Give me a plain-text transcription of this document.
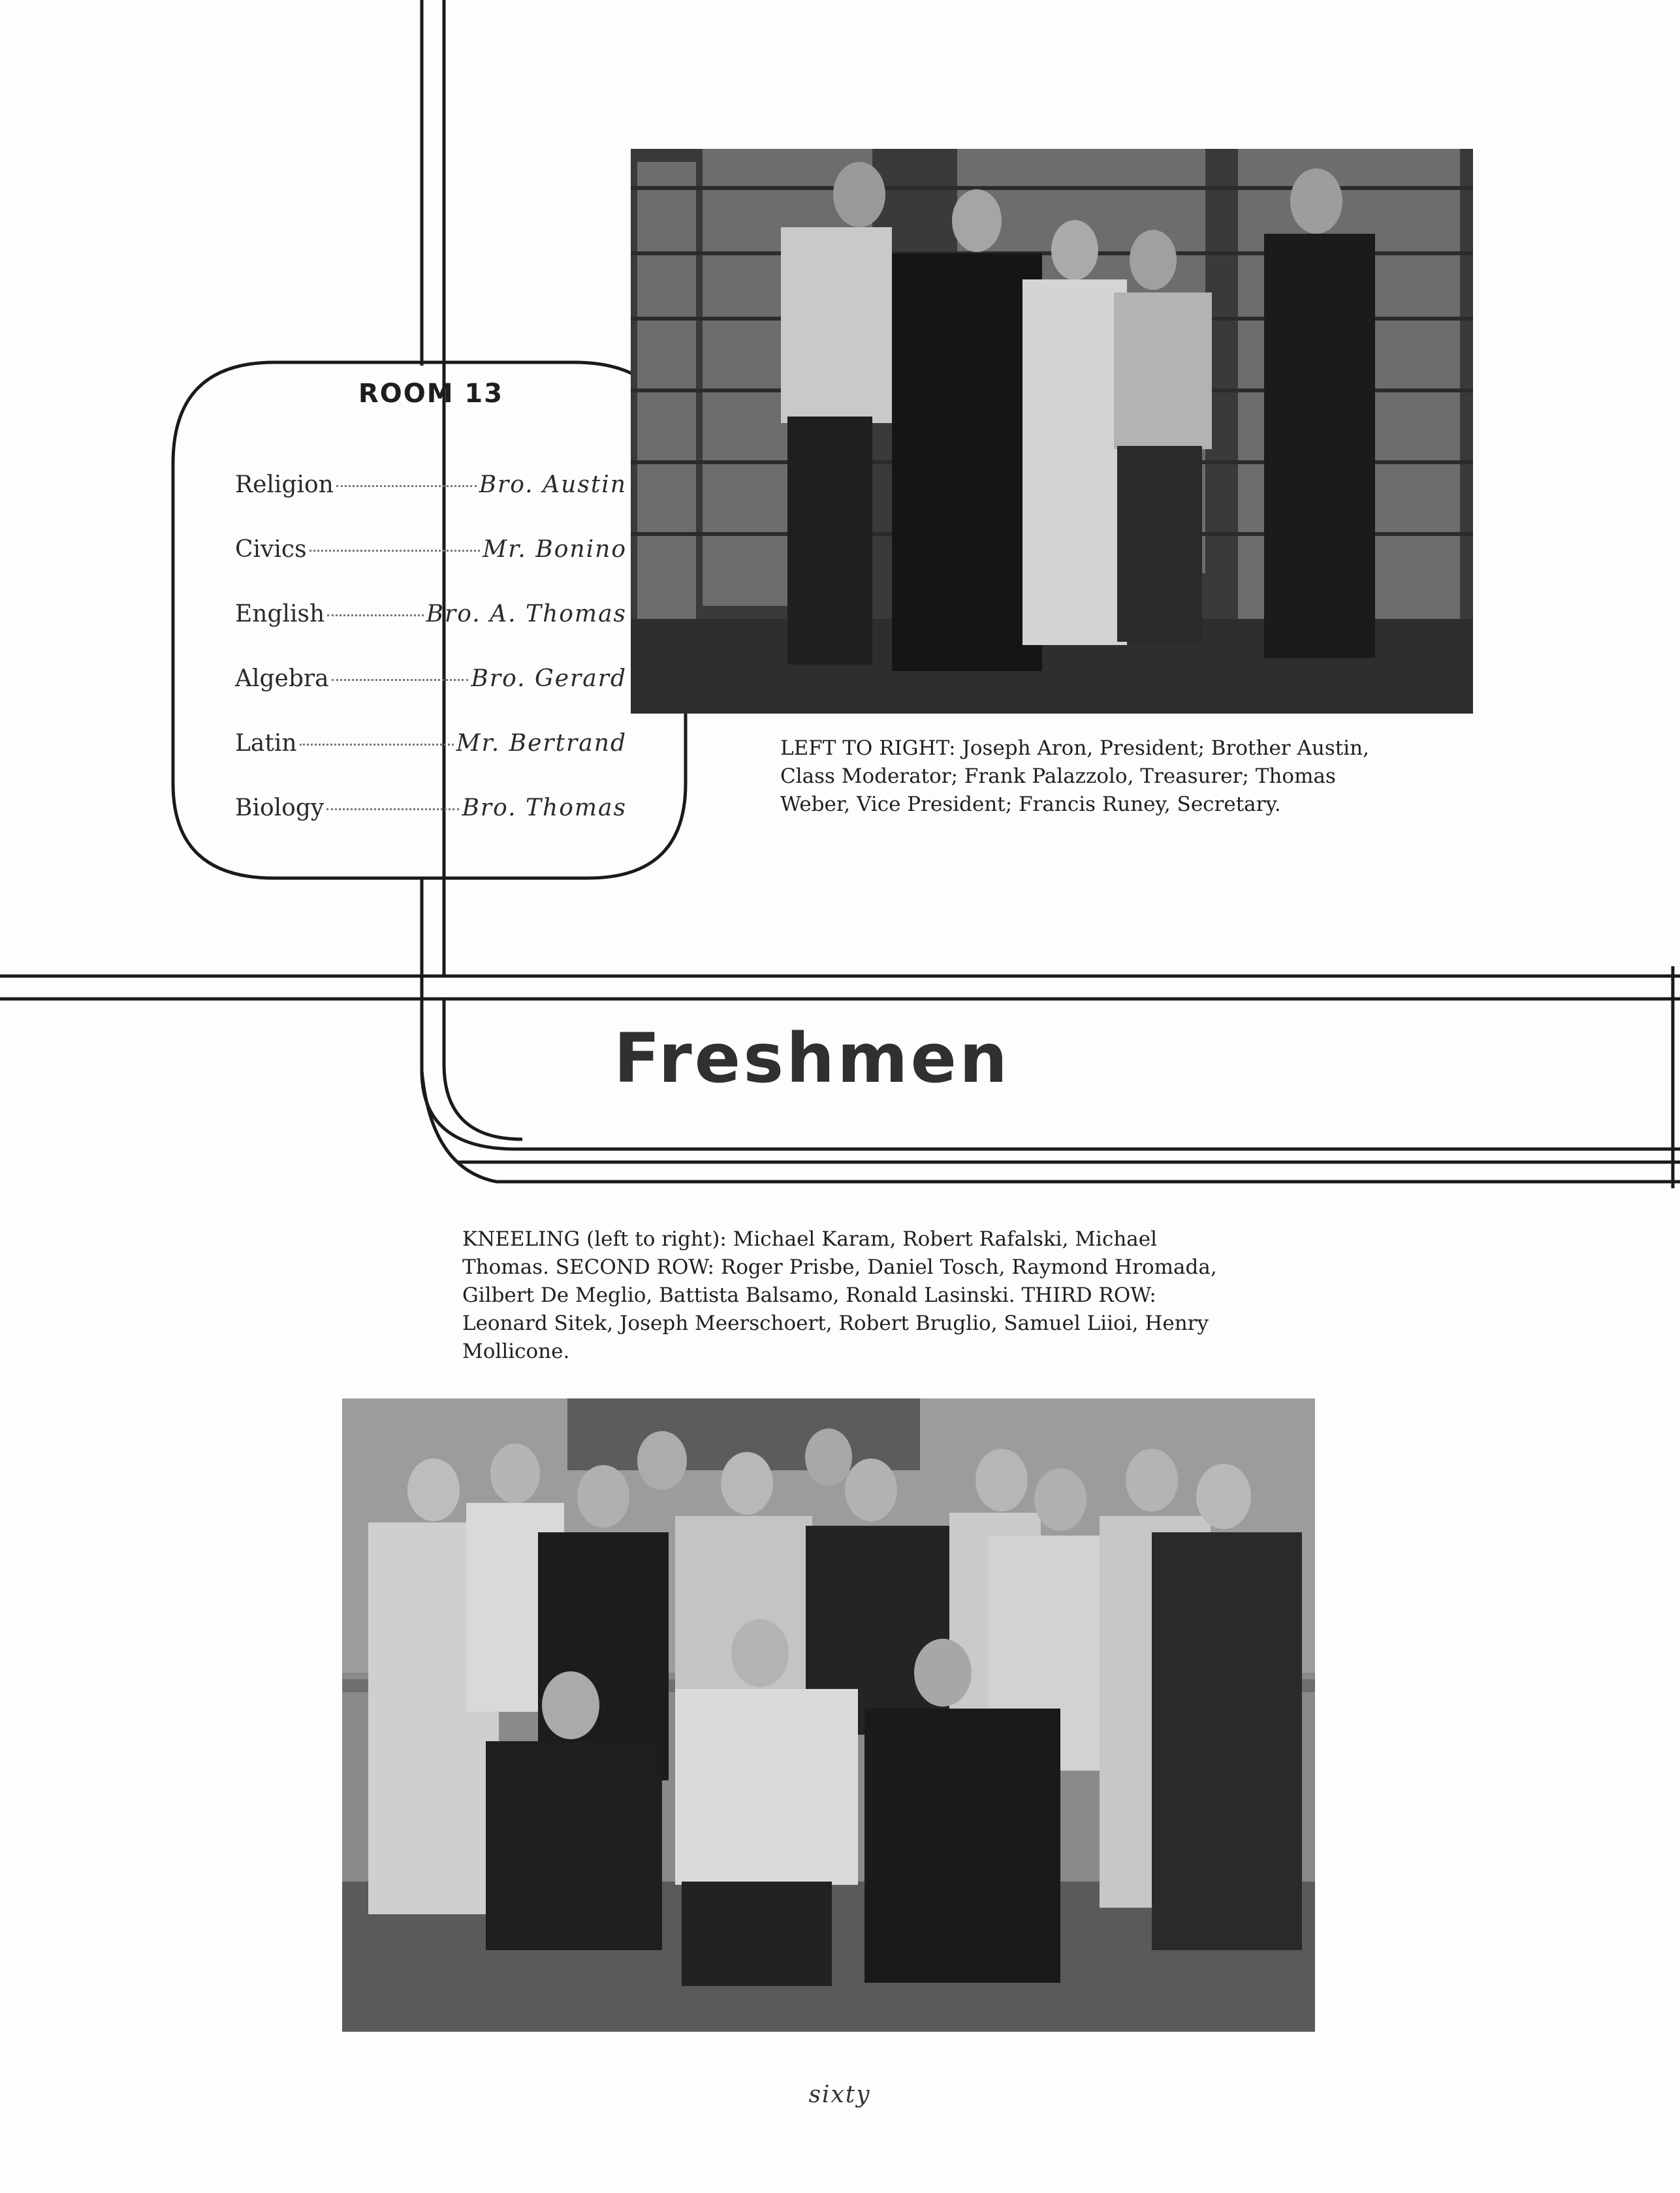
ROOM 13
Religion	Bro. Austin
Civics	Mr. Bonino
English	Bro. A. Thomas
Algebra	Bro. Gerard
Latin	Mr. Bertrand
Biology	Bro. Thomas

LEFT TO RIGHT: Joseph Aron, President; Brother Austin, Class Moderator; Frank Palazzolo, Treasurer; Thomas Weber, Vice President; Francis Runey, Secretary.

Freshmen

KNEELING (left to right): Michael Karam, Robert Rafalski, Michael Thomas. SECOND ROW: Roger Prisbe, Daniel Tosch, Raymond Hromada, Gilbert De Meglio, Battista Balsamo, Ronald Lasinski. THIRD ROW: Leonard Sitek, Joseph Meerschoert, Robert Bruglio, Samuel Liioi, Henry Mollicone.

sixty
